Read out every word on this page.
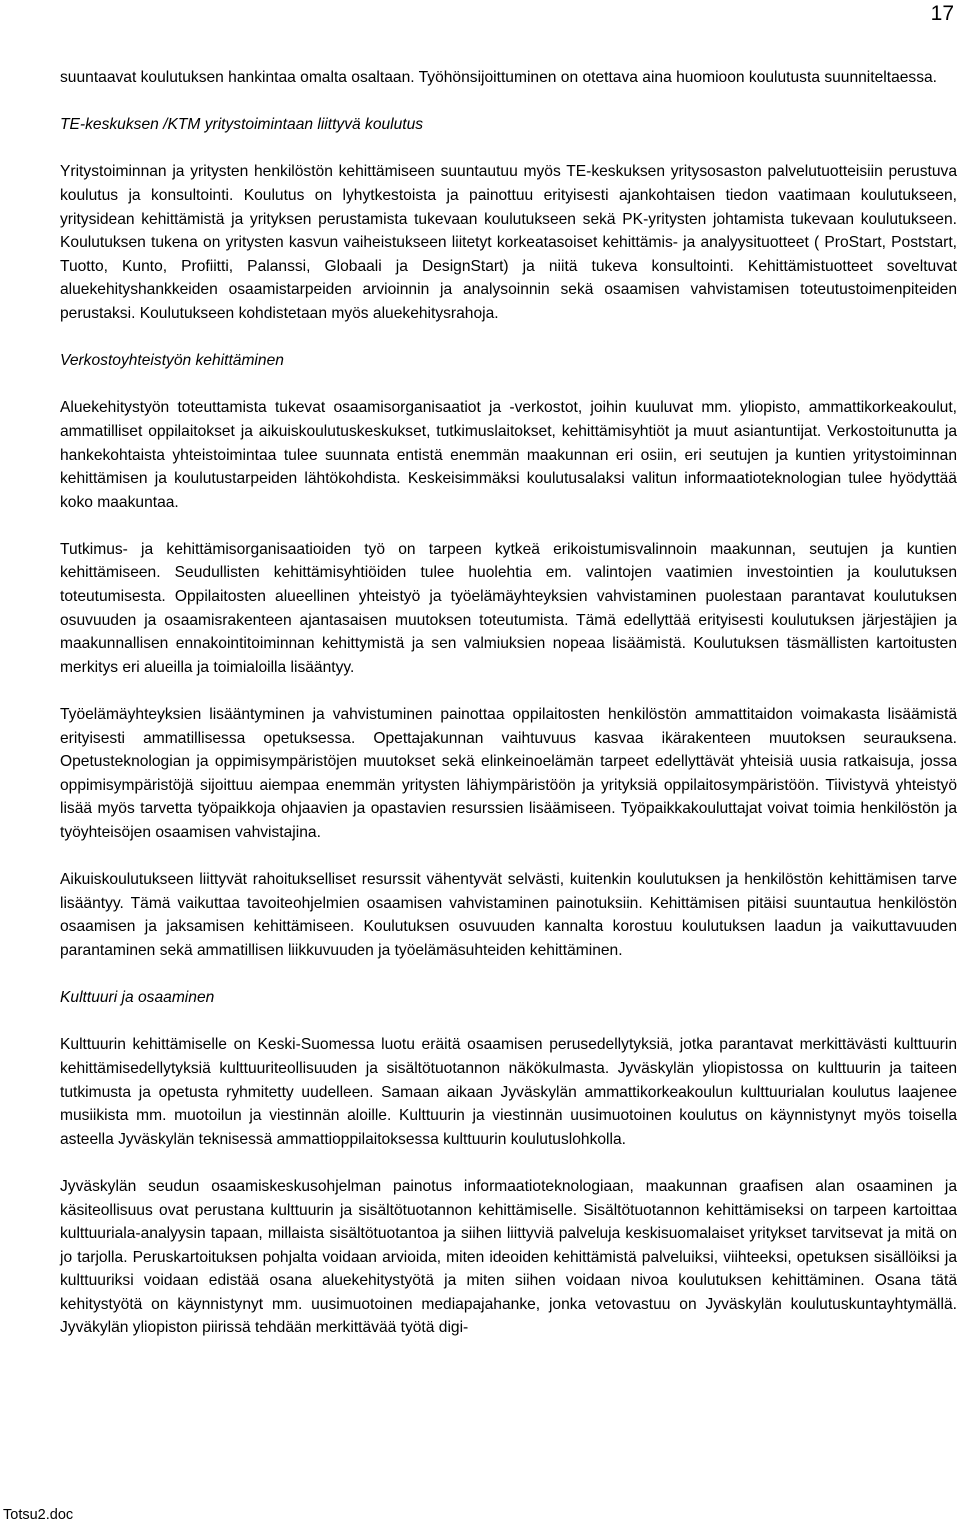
17

suuntaavat koulutuksen hankintaa omalta osaltaan. Työhönsijoittuminen on otettava aina huomioon koulutusta suunniteltaessa.

TE-keskuksen /KTM yritystoimintaan liittyvä koulutus

Yritystoiminnan ja yritysten henkilöstön kehittämiseen suuntautuu myös TE-keskuksen yritysosaston palvelutuotteisiin perustuva koulutus ja konsultointi. Koulutus on lyhytkestoista ja painottuu erityisesti ajankohtaisen tiedon vaatimaan koulutukseen, yritysidean kehittämistä ja yrityksen perustamista tukevaan koulutukseen sekä PK-yritysten johtamista tukevaan koulutukseen. Koulutuksen tukena on yritysten kasvun vaiheistukseen liitetyt korkeatasoiset kehittämis- ja analyysituotteet ( ProStart, Poststart, Tuotto, Kunto, Profiitti, Palanssi, Globaali ja DesignStart) ja niitä tukeva konsultointi. Kehittämistuotteet soveltuvat aluekehityshankkeiden osaamistarpeiden arvioinnin ja analysoinnin sekä osaamisen vahvistamisen toteutustoimenpiteiden perustaksi. Koulutukseen kohdistetaan myös aluekehitysrahoja.

Verkostoyhteistyön kehittäminen

Aluekehitystyön toteuttamista tukevat osaamisorganisaatiot ja -verkostot, joihin kuuluvat mm. yliopisto, ammattikorkeakoulut, ammatilliset oppilaitokset ja aikuiskoulutuskeskukset, tutkimuslaitokset, kehittämisyhtiöt ja muut asiantuntijat. Verkostoitunutta ja hankekohtaista yhteistoimintaa tulee suunnata entistä enemmän maakunnan eri osiin, eri seutujen ja kuntien yritystoiminnan kehittämisen ja koulutustarpeiden lähtökohdista. Keskeisimmäksi koulutusalaksi valitun informaatioteknologian tulee hyödyttää koko maakuntaa.

Tutkimus- ja kehittämisorganisaatioiden työ on tarpeen kytkeä erikoistumisvalinnoin maakunnan, seutujen ja kuntien kehittämiseen. Seudullisten kehittämisyhtiöiden tulee huolehtia em. valintojen vaatimien investointien ja koulutuksen toteutumisesta. Oppilaitosten alueellinen yhteistyö ja työelämäyhteyksien vahvistaminen puolestaan parantavat koulutuksen osuvuuden ja osaamisrakenteen ajantasaisen muutoksen toteutumista. Tämä edellyttää erityisesti koulutuksen järjestäjien ja maakunnallisen ennakointitoiminnan kehittymistä ja sen valmiuksien nopeaa lisäämistä. Koulutuksen täsmällisten kartoitusten merkitys eri alueilla ja toimialoilla lisääntyy.

Työelämäyhteyksien lisääntyminen ja vahvistuminen painottaa oppilaitosten henkilöstön ammattitaidon voimakasta lisäämistä erityisesti ammatillisessa opetuksessa. Opettajakunnan vaihtuvuus kasvaa ikärakenteen muutoksen seurauksena. Opetusteknologian ja oppimisympäristöjen muutokset sekä elinkeinoelämän tarpeet edellyttävät yhteisiä uusia ratkaisuja, jossa oppimisympäristöjä sijoittuu aiempaa enemmän yritysten lähiympäristöön ja yrityksiä oppilaitosympäristöön. Tiivistyvä yhteistyö lisää myös tarvetta työpaikkoja ohjaavien ja opastavien resurssien lisäämiseen. Työpaikkakouluttajat voivat toimia henkilöstön ja työyhteisöjen osaamisen vahvistajina.

Aikuiskoulutukseen liittyvät rahoitukselliset resurssit vähentyvät selvästi, kuitenkin koulutuksen ja henkilöstön kehittämisen tarve lisääntyy. Tämä vaikuttaa tavoiteohjelmien osaamisen vahvistaminen painotuksiin. Kehittämisen pitäisi suuntautua henkilöstön osaamisen ja jaksamisen kehittämiseen. Koulutuksen osuvuuden kannalta korostuu koulutuksen laadun ja vaikuttavuuden parantaminen sekä ammatillisen liikkuvuuden ja työelämäsuhteiden kehittäminen.

Kulttuuri ja osaaminen

Kulttuurin kehittämiselle on Keski-Suomessa luotu eräitä osaamisen perusedellytyksiä, jotka parantavat merkittävästi kulttuurin kehittämisedellytyksiä kulttuuriteollisuuden ja sisältötuotannon näkökulmasta. Jyväskylän yliopistossa on kulttuurin ja taiteen tutkimusta ja opetusta ryhmitetty uudelleen. Samaan aikaan Jyväskylän ammattikorkeakoulun kulttuurialan koulutus laajenee musiikista mm. muotoilun ja viestinnän aloille. Kulttuurin ja viestinnän uusimuotoinen koulutus on käynnistynyt myös toisella asteella Jyväskylän teknisessä ammattioppilaitoksessa kulttuurin koulutuslohkolla.

Jyväskylän seudun osaamiskeskusohjelman painotus informaatioteknologiaan, maakunnan graafisen alan osaaminen ja käsiteollisuus ovat perustana kulttuurin ja sisältötuotannon kehittämiselle. Sisältötuotannon kehittämiseksi on tarpeen kartoittaa kulttuuriala-analyysin tapaan, millaista sisältötuotantoa ja siihen liittyviä palveluja keskisuomalaiset yritykset tarvitsevat ja mitä on jo tarjolla. Peruskartoituksen pohjalta voidaan arvioida, miten ideoiden kehittämistä palveluiksi, viihteeksi, opetuksen sisällöiksi ja kulttuuriksi voidaan edistää osana aluekehitystyötä ja miten siihen voidaan nivoa koulutuksen kehittäminen. Osana tätä kehitystyötä on käynnistynyt mm. uusimuotoinen mediapajahanke, jonka vetovastuu on Jyväskylän koulutuskuntayhtymällä. Jyväkylän yliopiston piirissä tehdään merkittävää työtä digi-

Totsu2.doc
